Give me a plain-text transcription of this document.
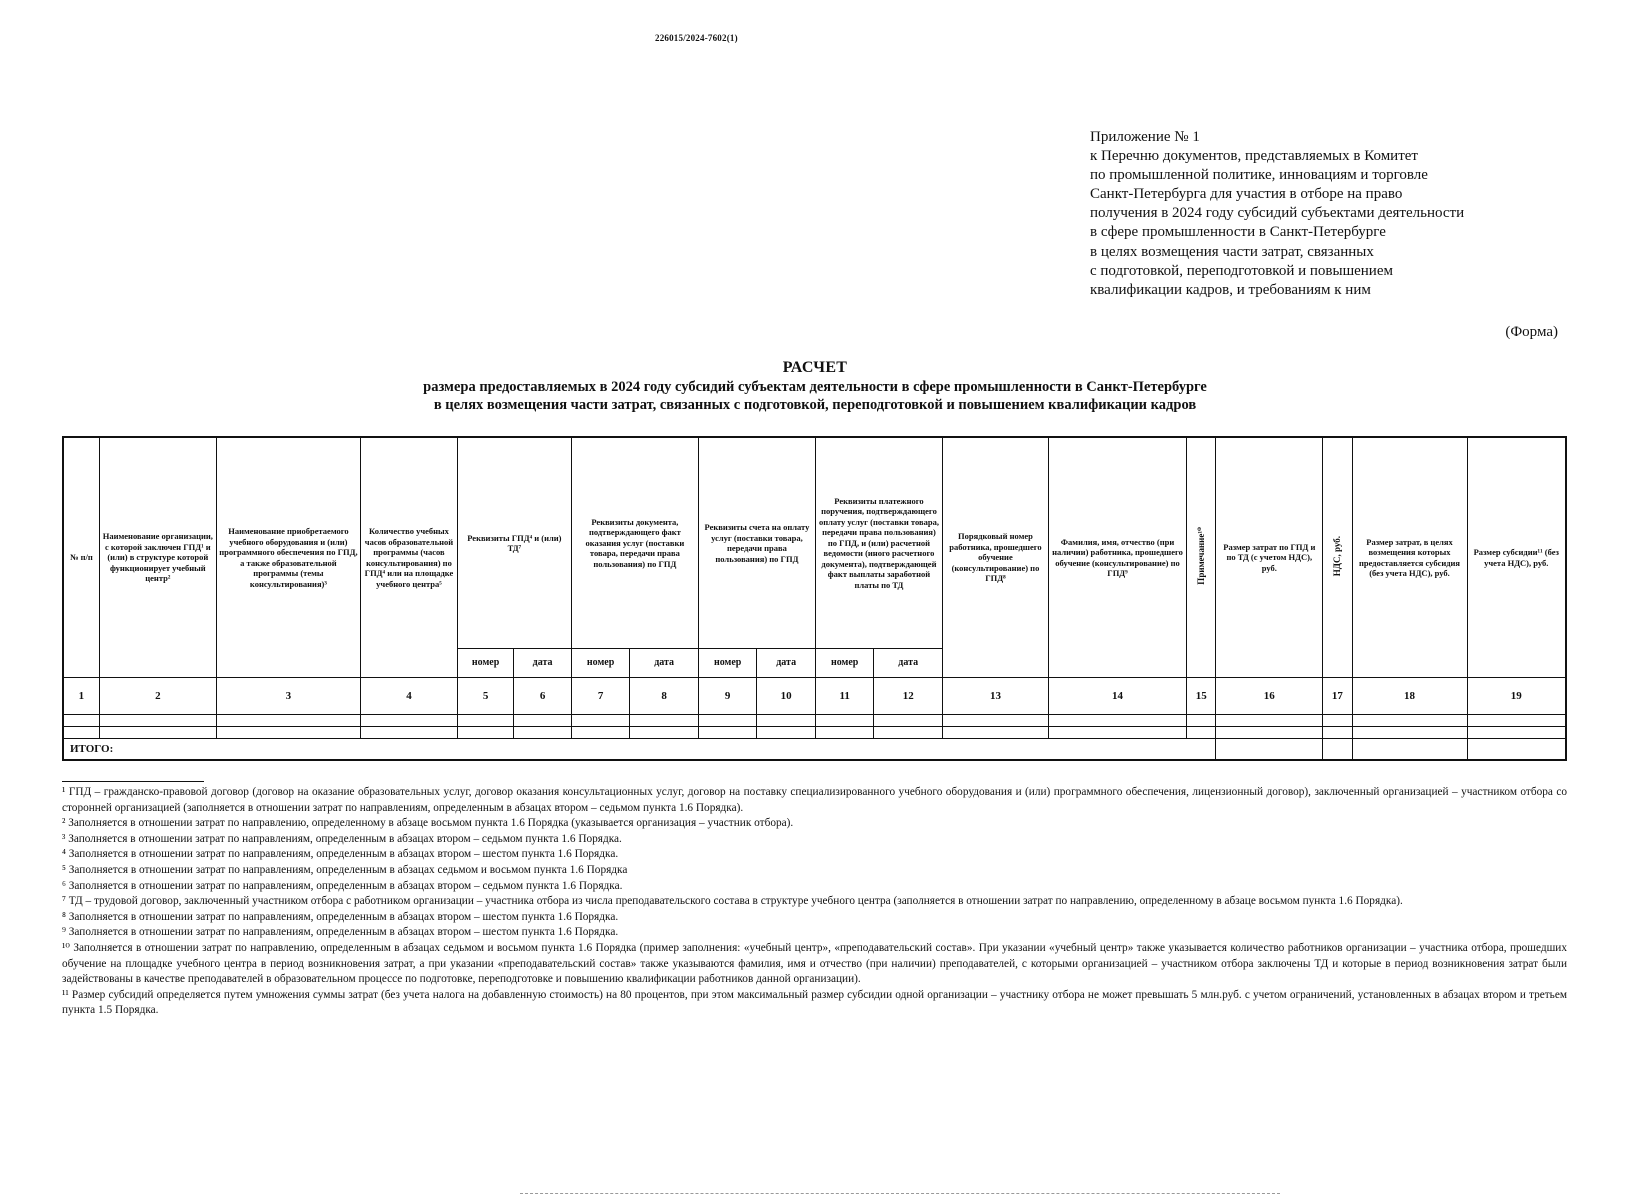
226015/2024-7602(1)
Приложение № 1
к Перечню документов, представляемых в Комитет
по промышленной политике, инновациям и торговле
Санкт-Петербурга для участия в отборе на право
получения в 2024 году субсидий субъектами деятельности
в сфере промышленности в Санкт-Петербурге
в целях возмещения части затрат, связанных
с подготовкой, переподготовкой и повышением
квалификации кадров, и требованиям к ним
(Форма)
РАСЧЕТ
размера предоставляемых в 2024 году субсидий субъектам деятельности в сфере промышленности в Санкт-Петербурге
в целях возмещения части затрат, связанных с подготовкой, переподготовкой и повышением квалификации кадров
№ п/п	Наименование организации, с которой заключен ГПД¹ и (или) в структуре которой функционирует учебный центр²	Наименование приобретаемого учебного оборудования и (или) программного обеспечения по ГПД, а также образовательной программы (темы консультирования)³	Количество учебных часов образовательной программы (часов консультирования) по ГПД⁴ или на площадке учебного центра⁵	Реквизиты ГПД⁴ и (или) ТД⁷		Реквизиты документа, подтверждающего факт оказания услуг (поставки товара, передачи права пользования) по ГПД		Реквизиты счета на оплату услуг (поставки товара, передачи права пользования) по ГПД		Реквизиты платежного поручения, подтверждающего оплату услуг (поставки товара, передачи права пользования) по ГПД, и (или) расчетной ведомости (иного расчетного документа), подтверждающей факт выплаты заработной платы по ТД		Порядковый номер работника, прошедшего обучение (консультирование) по ГПД⁸	Фамилия, имя, отчество (при наличии) работника, прошедшего обучение (консультирование) по ГПД⁹	Примечание¹⁰	Размер затрат по ГПД и по ТД (с учетом НДС), руб.	НДС, руб.	Размер затрат, в целях возмещения которых предоставляется субсидия (без учета НДС), руб.	Размер субсидии¹¹ (без учета НДС), руб.
				номер	дата	номер	дата	номер	дата	номер	дата							
1	2	3	4	5	6	7	8	9	10	11	12	13	14	15	16	17	18	19

ИТОГО:																		

¹ ГПД – гражданско-правовой договор (договор на оказание образовательных услуг, договор оказания консультационных услуг, договор на поставку специализированного учебного оборудования и (или) программного обеспечения, лицензионный договор), заключенный организацией – участником отбора со сторонней организацией (заполняется в отношении затрат по направлениям, определенным в абзацах втором – седьмом пункта 1.6 Порядка).

² Заполняется в отношении затрат по направлению, определенному в абзаце восьмом пункта 1.6 Порядка (указывается организация – участник отбора).

³ Заполняется в отношении затрат по направлениям, определенным в абзацах втором – седьмом пункта 1.6 Порядка.

⁴ Заполняется в отношении затрат по направлениям, определенным в абзацах втором – шестом пункта 1.6 Порядка.

⁵ Заполняется в отношении затрат по направлениям, определенным в абзацах седьмом и восьмом пункта 1.6 Порядка

⁶ Заполняется в отношении затрат по направлениям, определенным в абзацах втором – седьмом пункта 1.6 Порядка.

⁷ ТД – трудовой договор, заключенный участником отбора с работником организации – участника отбора из числа преподавательского состава в структуре учебного центра (заполняется в отношении затрат по направлению, определенному в абзаце восьмом пункта 1.6 Порядка).

⁸ Заполняется в отношении затрат по направлениям, определенным в абзацах втором – шестом пункта 1.6 Порядка.

⁹ Заполняется в отношении затрат по направлениям, определенным в абзацах втором – шестом пункта 1.6 Порядка.

¹⁰ Заполняется в отношении затрат по направлению, определенным в абзацах седьмом и восьмом пункта 1.6 Порядка (пример заполнения: «учебный центр», «преподавательский состав». При указании «учебный центр» также указывается количество работников организации – участника отбора, прошедших обучение на площадке учебного центра в период возникновения затрат, а при указании «преподавательский состав» также указываются фамилия, имя и отчество (при наличии) преподавателей, с которыми организацией – участником отбора заключены ТД и которые в период возникновения затрат были задействованы в качестве преподавателей в образовательном процессе по подготовке, переподготовке и повышению квалификации работников данной организации).

¹¹ Размер субсидий определяется путем умножения суммы затрат (без учета налога на добавленную стоимость) на 80 процентов, при этом максимальный размер субсидии одной организации – участнику отбора не может превышать 5 млн.руб. с учетом ограничений, установленных в абзацах втором и третьем пункта 1.5 Порядка.
